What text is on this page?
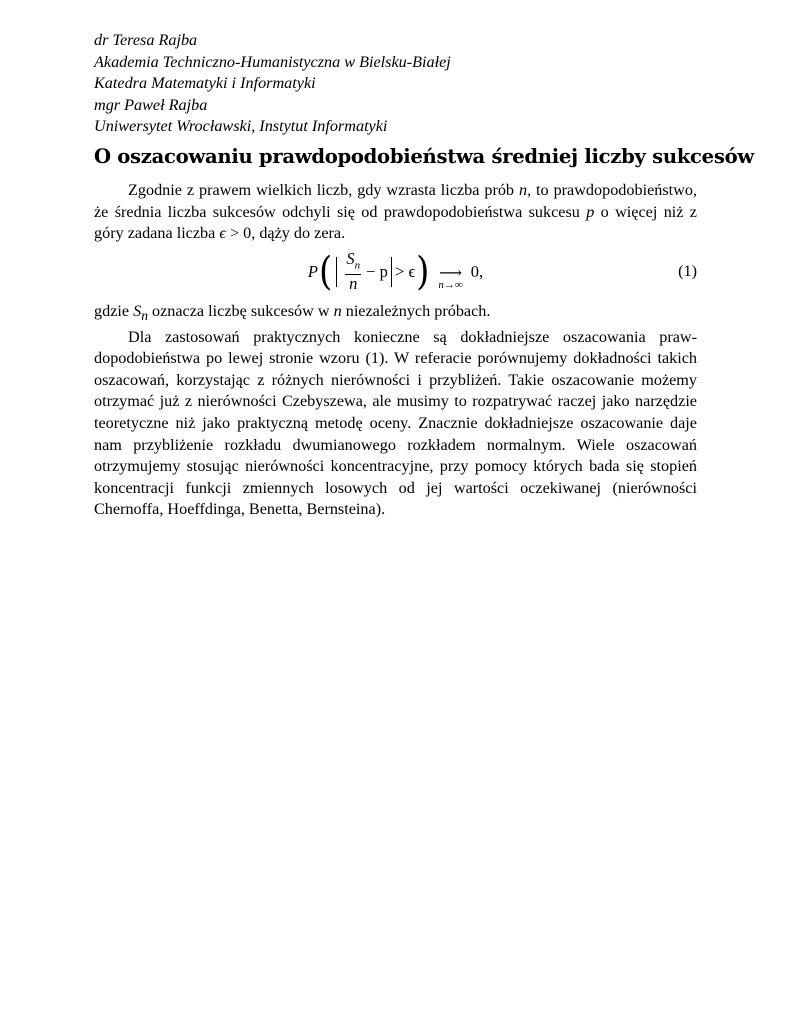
dr Teresa Rajba
Akademia Techniczno-Humanistyczna w Bielsku-Białej
Katedra Matematyki i Informatyki
mgr Paweł Rajba
Uniwersytet Wrocławski, Instytut Informatyki
O oszacowaniu prawdopodobieństwa średniej liczby sukcesów

Zgodnie z prawem wielkich liczb, gdy wzrasta liczba prób n, to prawdopodobieństwo, że średnia liczba sukcesów odchyli się od prawdopodobieństwa sukcesu p o więcej niż z góry zadana liczba ϵ > 0, dąży do zera.

P ( $\frac{S_n}{n} - p > \epsilon$ ) ⟶
n→∞
0,	(1)

gdzie $S_n$ oznacza liczbę sukcesów w n niezależnych próbach.

Dla zastosowań praktycznych konieczne są dokładniejsze oszacowania prawdopodobieństwa po lewej stronie wzoru (1). W referacie porównujemy dokładności takich oszacowań, korzystając z różnych nierówności i przybliżeń. Takie oszacowanie możemy otrzymać już z nierówności Czebyszewa, ale musimy to rozpatrywać raczej jako narzędzie teoretyczne niż jako praktyczną metodę oceny. Znacznie dokładniejsze oszacowanie daje nam przybliżenie rozkładu dwumianowego rozkładem normalnym. Wiele oszacowań otrzymujemy stosując nierówności koncentracyjne, przy pomocy których bada się stopień koncentracji funkcji zmiennych losowych od jej wartości oczekiwanej (nierówności Chernoffa, Hoeffdinga, Benetta, Bernsteina).
